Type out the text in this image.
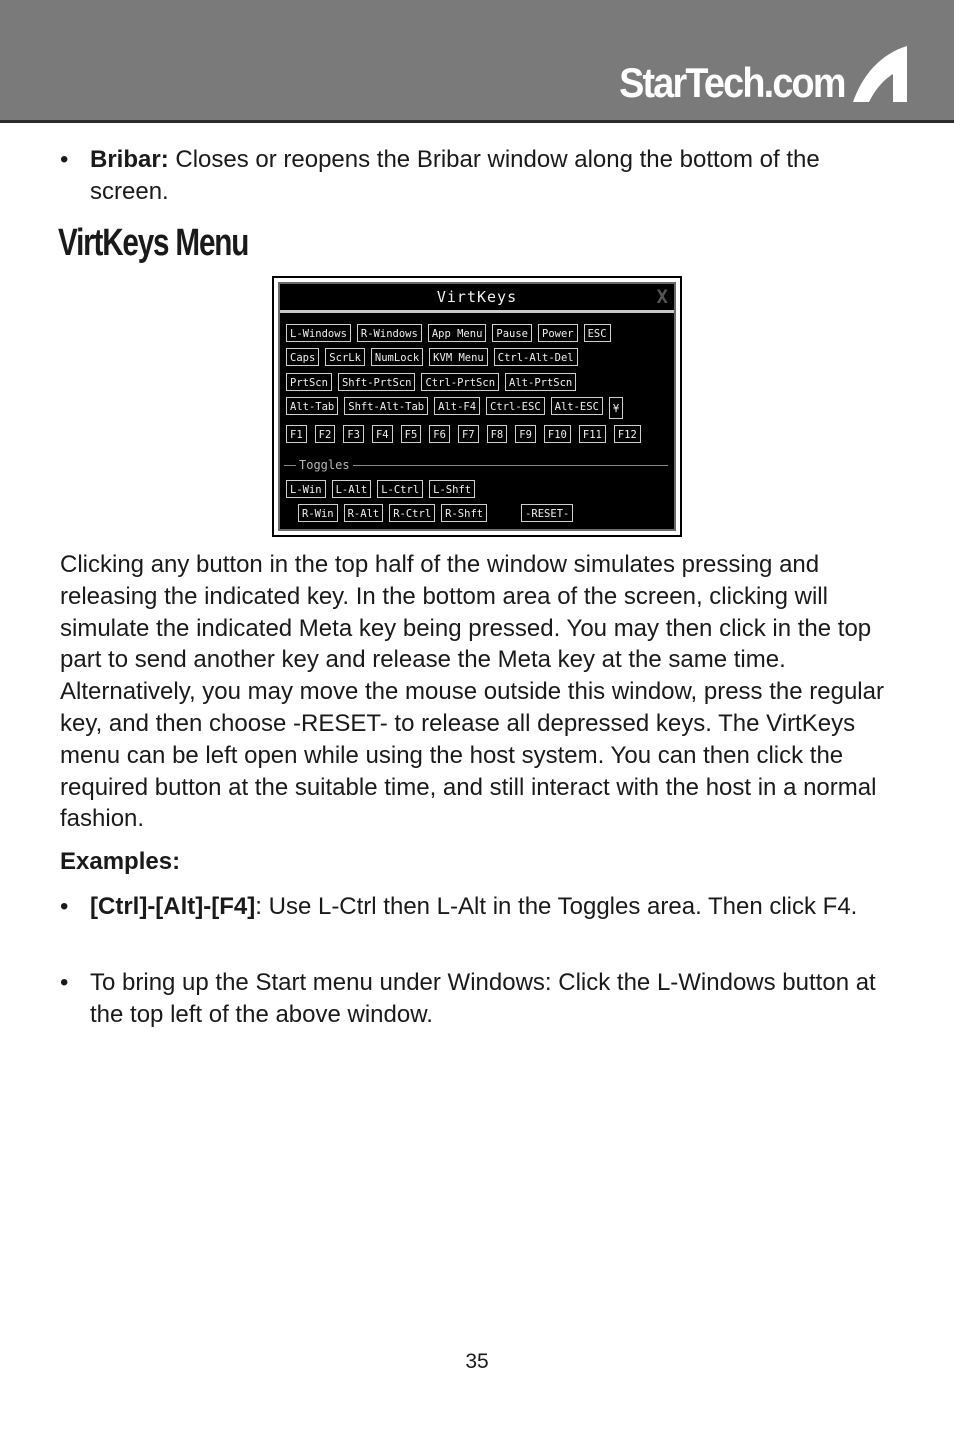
StarTech.com
• Bribar: Closes or reopens the Bribar window along the bottom of the screen.
VirtKeys Menu
VirtKeys	X
L-Windows	R-Windows	App Menu	Pause	Power	ESC
Caps	ScrLk	NumLock	KVM Menu	Ctrl-Alt-Del
PrtScn	Shft-PrtScn	Ctrl-PrtScn	Alt-PrtScn
Alt-Tab	Shft-Alt-Tab	Alt-F4	Ctrl-ESC	Alt-ESC	¥
F1	F2	F3	F4	F5	F6	F7	F8	F9	F10	F11	F12
Toggles
L-Win	L-Alt	L-Ctrl	L-Shft
R-Win	R-Alt	R-Ctrl	R-Shft	-RESET-
Clicking any button in the top half of the window simulates pressing and releasing the indicated key. In the bottom area of the screen, clicking will simulate the indicated Meta key being pressed. You may then click in the top part to send another key and release the Meta key at the same time. Alternatively, you may move the mouse outside this window, press the regular key, and then choose -RESET- to release all depressed keys. The VirtKeys menu can be left open while using the host system. You can then click the required button at the suitable time, and still interact with the host in a normal fashion.
Examples:
• [Ctrl]-[Alt]-[F4]: Use L-Ctrl then L-Alt in the Toggles area. Then click F4.
• To bring up the Start menu under Windows: Click the L-Windows button at the top left of the above window.
35
